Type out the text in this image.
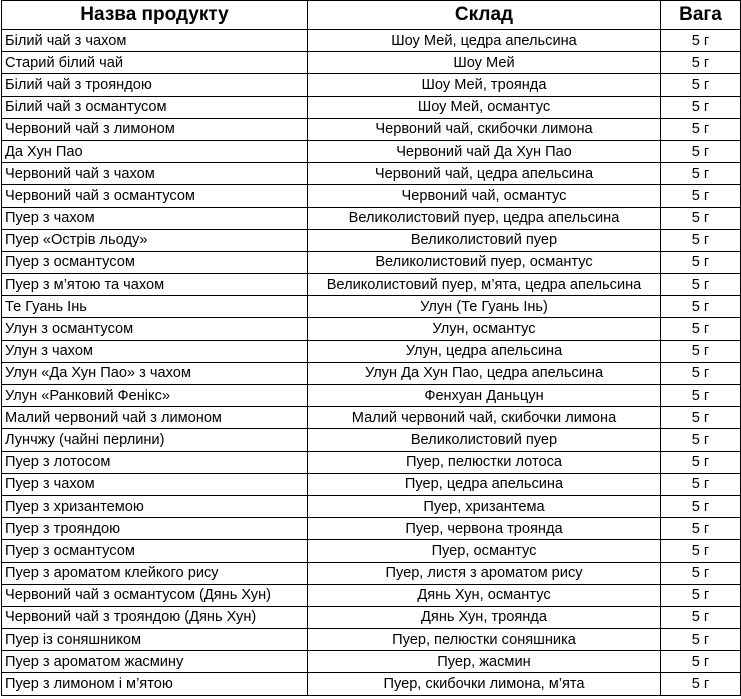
Назва продукту	Склад	Вага
Білий чай з чахом	Шоу Мей, цедра апельсина	5 г
Старий білий чай	Шоу Мей	5 г
Білий чай з трояндою	Шоу Мей, троянда	5 г
Білий чай з османтусом	Шоу Мей, османтус	5 г
Червоний чай з лимоном	Червоний чай, скибочки лимона	5 г
Да Хун Пао	Червоний чай Да Хун Пао	5 г
Червоний чай з чахом	Червоний чай, цедра апельсина	5 г
Червоний чай з османтусом	Червоний чай, османтус	5 г
Пуер з чахом	Великолистовий пуер, цедра апельсина	5 г
Пуер «Острів льоду»	Великолистовий пуер	5 г
Пуер з османтусом	Великолистовий пуер, османтус	5 г
Пуер з м’ятою та чахом	Великолистовий пуер, м’ята, цедра апельсина	5 г
Те Гуань Інь	Улун (Те Гуань Інь)	5 г
Улун з османтусом	Улун, османтус	5 г
Улун з чахом	Улун, цедра апельсина	5 г
Улун «Да Хун Пао» з чахом	Улун Да Хун Пао, цедра апельсина	5 г
Улун «Ранковий Фенікс»	Фенхуан Даньцун	5 г
Малий червоний чай з лимоном	Малий червоний чай, скибочки лимона	5 г
Лунчжу (чайні перлини)	Великолистовий пуер	5 г
Пуер з лотосом	Пуер, пелюстки лотоса	5 г
Пуер з чахом	Пуер, цедра апельсина	5 г
Пуер з хризантемою	Пуер, хризантема	5 г
Пуер з трояндою	Пуер, червона троянда	5 г
Пуер з османтусом	Пуер, османтус	5 г
Пуер з ароматом клейкого рису	Пуер, листя з ароматом рису	5 г
Червоний чай з османтусом (Дянь Хун)	Дянь Хун, османтус	5 г
Червоний чай з трояндою (Дянь Хун)	Дянь Хун, троянда	5 г
Пуер із соняшником	Пуер, пелюстки соняшника	5 г
Пуер з ароматом жасмину	Пуер, жасмин	5 г
Пуер з лимоном і м’ятою	Пуер, скибочки лимона, м’ята	5 г
